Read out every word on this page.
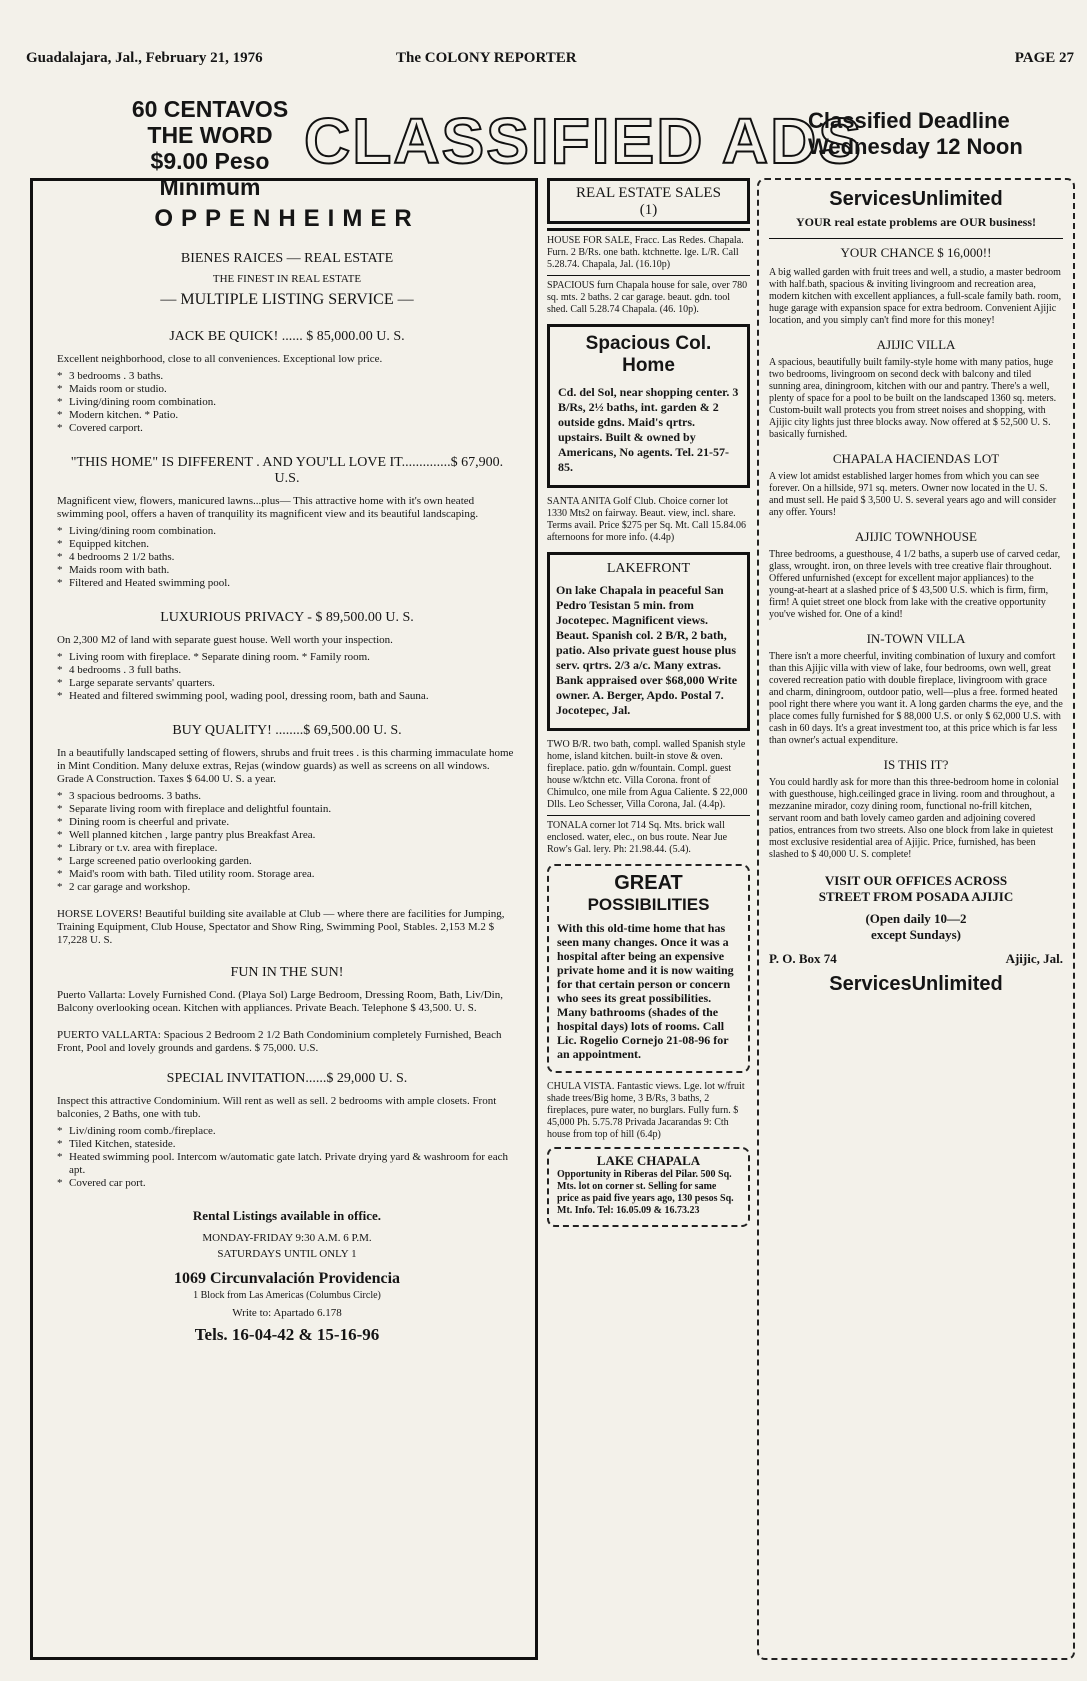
Guadalajara, Jal., February 21, 1976	The COLONY REPORTER	PAGE 27
60 CENTAVOS
THE WORD
$9.00 Peso Minimum
CLASSIFIED ADS
Classified Deadline
Wednesday 12 Noon
OPPENHEIMER
BIENES RAICES — REAL ESTATE
THE FINEST IN REAL ESTATE
— MULTIPLE LISTING SERVICE —
JACK BE QUICK! ...... $ 85,000.00 U. S.

Excellent neighborhood, close to all conveniences. Exceptional low price.

* 3 bedrooms . 3 baths.
* Maids room or studio.
* Living/dining room combination.
* Modern kitchen. * Patio.
* Covered carport.
"THIS HOME" IS DIFFERENT . AND YOU'LL LOVE IT..............$ 67,900. U.S.

Magnificent view, flowers, manicured lawns...plus— This attractive home with it's own heated swimming pool, offers a haven of tranquility its magnificent view and its beautiful landscaping.

* Living/dining room combination.
* Equipped kitchen.
* 4 bedrooms 2 1/2 baths.
* Maids room with bath.
* Filtered and Heated swimming pool.
LUXURIOUS PRIVACY - $ 89,500.00 U. S.

On 2,300 M2 of land with separate guest house. Well worth your inspection.

* Living room with fireplace. * Separate dining room. * Family room.
* 4 bedrooms . 3 full baths.
* Large separate servants' quarters.
* Heated and filtered swimming pool, wading pool, dressing room, bath and Sauna.
BUY QUALITY! ........$ 69,500.00 U. S.

In a beautifully landscaped setting of flowers, shrubs and fruit trees . is this charming immaculate home in Mint Condition. Many deluxe extras, Rejas (window guards) as well as screens on all windows. Grade A Construction. Taxes $ 64.00 U. S. a year.

* 3 spacious bedrooms. 3 baths.
* Separate living room with fireplace and delightful fountain.
* Dining room is cheerful and private.
* Well planned kitchen , large pantry plus Breakfast Area.
* Library or t.v. area with fireplace.
* Large screened patio overlooking garden.
* Maid's room with bath. Tiled utility room. Storage area.
* 2 car garage and workshop.

HORSE LOVERS! Beautiful building site available at Club — where there are facilities for Jumping, Training Equipment, Club House, Spectator and Show Ring, Swimming Pool, Stables. 2,153 M.2 $ 17,228 U. S.

FUN IN THE SUN!

Puerto Vallarta: Lovely Furnished Cond. (Playa Sol) Large Bedroom, Dressing Room, Bath, Liv/Din, Balcony overlooking ocean. Kitchen with appliances. Private Beach. Telephone $ 43,500. U. S.

PUERTO VALLARTA: Spacious 2 Bedroom 2 1/2 Bath Condominium completely Furnished, Beach Front, Pool and lovely grounds and gardens. $ 75,000. U.S.

SPECIAL INVITATION......$ 29,000 U. S.

Inspect this attractive Condominium. Will rent as well as sell. 2 bedrooms with ample closets. Front balconies, 2 Baths, one with tub.

* Liv/dining room comb./fireplace.
* Tiled Kitchen, stateside.
* Heated swimming pool. Intercom w/automatic gate latch. Private drying yard & washroom for each apt.
* Covered car port.
Rental Listings available in office.
MONDAY-FRIDAY 9:30 A.M. 6 P.M.
SATURDAYS UNTIL ONLY 1
1069 Circunvalación Providencia
1 Block from Las Americas (Columbus Circle)
Write to: Apartado 6.178
Tels. 16-04-42 & 15-16-96
REAL ESTATE SALES
(1)

HOUSE FOR SALE, Fracc. Las Redes. Chapala. Furn. 2 B/Rs. one bath. ktchnette. lge. L/R. Call 5.28.74. Chapala, Jal. (16.10p)

SPACIOUS furn Chapala house for sale, over 780 sq. mts. 2 baths. 2 car garage. beaut. gdn. tool shed. Call 5.28.74 Chapala. (46. 10p).

Spacious Col.
Home

Cd. del Sol, near shopping center. 3 B/Rs, 2½ baths, int. garden & 2 outside gdns. Maid's qrtrs. upstairs. Built & owned by Americans, No agents. Tel. 21-57-85.

SANTA ANITA Golf Club. Choice corner lot 1330 Mts2 on fairway. Beaut. view, incl. share. Terms avail. Price $275 per Sq. Mt. Call 15.84.06 afternoons for more info. (4.4p)

LAKEFRONT

On lake Chapala in peaceful San Pedro Tesistan 5 min. from Jocotepec. Magnificent views. Beaut. Spanish col. 2 B/R, 2 bath, patio. Also private guest house plus serv. qrtrs. 2/3 a/c. Many extras. Bank appraised over $68,000 Write owner. A. Berger, Apdo. Postal 7. Jocotepec, Jal.

TWO B/R. two bath, compl. walled Spanish style home, island kitchen. built-in stove & oven. fireplace. patio. gdn w/fountain. Compl. guest house w/ktchn etc. Villa Corona. front of Chimulco, one mile from Agua Caliente. $ 22,000 Dlls. Leo Schesser, Villa Corona, Jal. (4.4p).

TONALA corner lot 714 Sq. Mts. brick wall enclosed. water, elec., on bus route. Near Jue Row's Gal. lery. Ph: 21.98.44. (5.4).

GREAT
POSSIBILITIES

With this old-time home that has seen many changes. Once it was a hospital after being an expensive private home and it is now waiting for that certain person or concern who sees its great possibilities. Many bathrooms (shades of the hospital days) lots of rooms. Call Lic. Rogelio Cornejo 21-08-96 for an appointment.

CHULA VISTA. Fantastic views. Lge. lot w/fruit shade trees/Big home, 3 B/Rs, 3 baths, 2 fireplaces, pure water, no burglars. Fully furn. $ 45,000 Ph. 5.75.78 Privada Jacarandas 9: Cth house from top of hill (6.4p)

LAKE CHAPALA

Opportunity in Riberas del Pilar. 500 Sq. Mts. lot on corner st. Selling for same price as paid five years ago, 130 pesos Sq. Mt. Info. Tel: 16.05.09 & 16.73.23

ServicesUnlimited
YOUR real estate problems are OUR business!
YOUR CHANCE $ 16,000!!

A big walled garden with fruit trees and well, a studio, a master bedroom with half.bath, spacious & inviting livingroom and recreation area, modern kitchen with excellent appliances, a full-scale family bath. room, huge garage with expansion space for extra bedroom. Convenient Ajijic location, and you simply can't find more for this money!

AJIJIC VILLA

A spacious, beautifully built family-style home with many patios, huge two bedrooms, livingroom on second deck with balcony and tiled sunning area, diningroom, kitchen with our and pantry. There's a well, plenty of space for a pool to be built on the landscaped 1360 sq. meters. Custom-built wall protects you from street noises and shopping, with Ajijic city lights just three blocks away. Now offered at $ 52,500 U. S. basically furnished.

CHAPALA HACIENDAS LOT

A view lot amidst established larger homes from which you can see forever. On a hillside, 971 sq. meters. Owner now located in the U. S. and must sell. He paid $ 3,500 U. S. several years ago and will consider any offer. Yours!

AJIJIC TOWNHOUSE

Three bedrooms, a guesthouse, 4 1/2 baths, a superb use of carved cedar, glass, wrought. iron, on three levels with tree creative flair throughout. Offered unfurnished (except for excellent major appliances) to the young-at-heart at a slashed price of $ 43,500 U.S. which is firm, firm, firm! A quiet street one block from lake with the creative opportunity you've wished for. One of a kind!

IN-TOWN VILLA

There isn't a more cheerful, inviting combination of luxury and comfort than this Ajijic villa with view of lake, four bedrooms, own well, great covered recreation patio with double fireplace, livingroom with grace and charm, diningroom, outdoor patio, well—plus a free. formed heated pool right there where you want it. A long garden charms the eye, and the place comes fully furnished for $ 88,000 U.S. or only $ 62,000 U.S. with cash in 60 days. It's a great investment too, at this price which is far less than owner's actual expenditure.

IS THIS IT?

You could hardly ask for more than this three-bedroom home in colonial with guesthouse, high.ceilinged grace in living. room and throughout, a mezzanine mirador, cozy dining room, functional no-frill kitchen, servant room and bath lovely cameo garden and adjoining covered patios, entrances from two streets. Also one block from lake in quietest most exclusive residential area of Ajijic. Price, furnished, has been slashed to $ 40,000 U. S. complete!

VISIT OUR OFFICES ACROSS STREET FROM POSADA AJIJIC
(Open daily 10—2
except Sundays)
P. O. Box 74	Ajijic, Jal.
ServicesUnlimited
